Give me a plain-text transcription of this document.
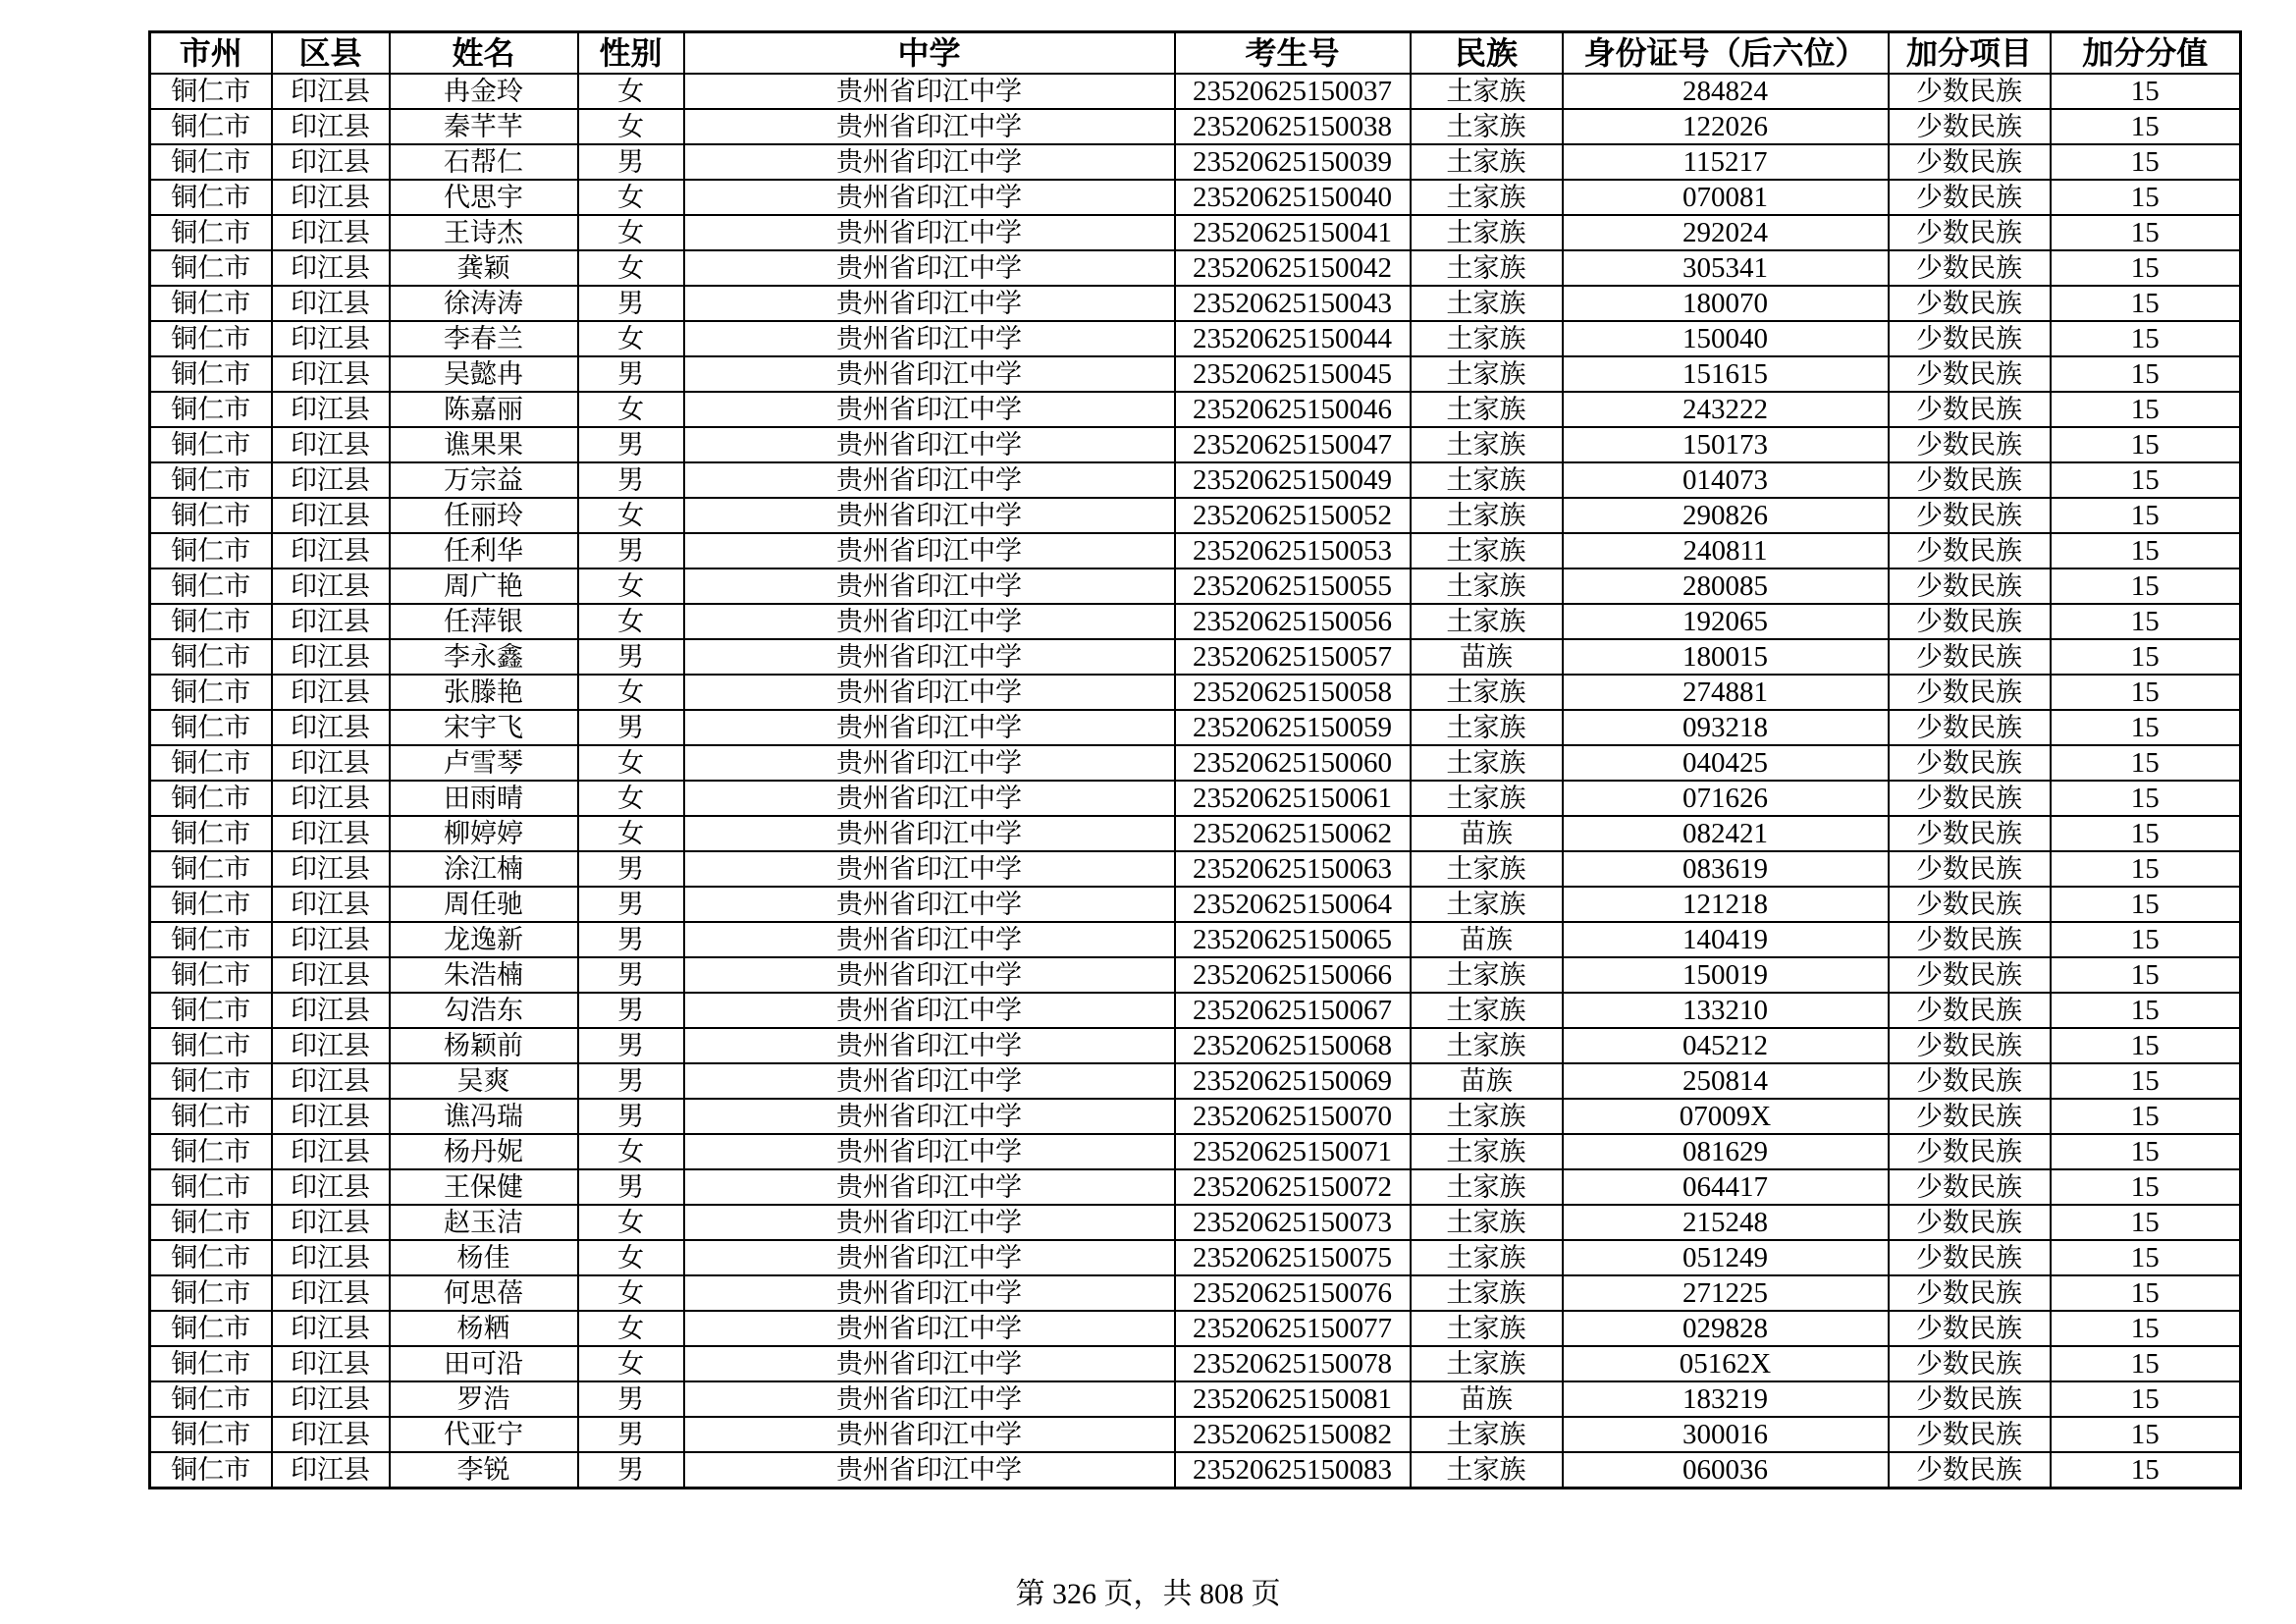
市州	区县	姓名	性别	中学	考生号	民族	身份证号（后六位）	加分项目	加分分值
铜仁市	印江县	冉金玲	女	贵州省印江中学	23520625150037	土家族	284824	少数民族	15
铜仁市	印江县	秦芊芊	女	贵州省印江中学	23520625150038	土家族	122026	少数民族	15
铜仁市	印江县	石帮仁	男	贵州省印江中学	23520625150039	土家族	115217	少数民族	15
铜仁市	印江县	代思宇	女	贵州省印江中学	23520625150040	土家族	070081	少数民族	15
铜仁市	印江县	王诗杰	女	贵州省印江中学	23520625150041	土家族	292024	少数民族	15
铜仁市	印江县	龚颖	女	贵州省印江中学	23520625150042	土家族	305341	少数民族	15
铜仁市	印江县	徐涛涛	男	贵州省印江中学	23520625150043	土家族	180070	少数民族	15
铜仁市	印江县	李春兰	女	贵州省印江中学	23520625150044	土家族	150040	少数民族	15
铜仁市	印江县	吴懿冉	男	贵州省印江中学	23520625150045	土家族	151615	少数民族	15
铜仁市	印江县	陈嘉丽	女	贵州省印江中学	23520625150046	土家族	243222	少数民族	15
铜仁市	印江县	谯果果	男	贵州省印江中学	23520625150047	土家族	150173	少数民族	15
铜仁市	印江县	万宗益	男	贵州省印江中学	23520625150049	土家族	014073	少数民族	15
铜仁市	印江县	任丽玲	女	贵州省印江中学	23520625150052	土家族	290826	少数民族	15
铜仁市	印江县	任利华	男	贵州省印江中学	23520625150053	土家族	240811	少数民族	15
铜仁市	印江县	周广艳	女	贵州省印江中学	23520625150055	土家族	280085	少数民族	15
铜仁市	印江县	任萍银	女	贵州省印江中学	23520625150056	土家族	192065	少数民族	15
铜仁市	印江县	李永鑫	男	贵州省印江中学	23520625150057	苗族	180015	少数民族	15
铜仁市	印江县	张滕艳	女	贵州省印江中学	23520625150058	土家族	274881	少数民族	15
铜仁市	印江县	宋宇飞	男	贵州省印江中学	23520625150059	土家族	093218	少数民族	15
铜仁市	印江县	卢雪琴	女	贵州省印江中学	23520625150060	土家族	040425	少数民族	15
铜仁市	印江县	田雨晴	女	贵州省印江中学	23520625150061	土家族	071626	少数民族	15
铜仁市	印江县	柳婷婷	女	贵州省印江中学	23520625150062	苗族	082421	少数民族	15
铜仁市	印江县	涂江楠	男	贵州省印江中学	23520625150063	土家族	083619	少数民族	15
铜仁市	印江县	周任驰	男	贵州省印江中学	23520625150064	土家族	121218	少数民族	15
铜仁市	印江县	龙逸新	男	贵州省印江中学	23520625150065	苗族	140419	少数民族	15
铜仁市	印江县	朱浩楠	男	贵州省印江中学	23520625150066	土家族	150019	少数民族	15
铜仁市	印江县	勾浩东	男	贵州省印江中学	23520625150067	土家族	133210	少数民族	15
铜仁市	印江县	杨颖前	男	贵州省印江中学	23520625150068	土家族	045212	少数民族	15
铜仁市	印江县	吴爽	男	贵州省印江中学	23520625150069	苗族	250814	少数民族	15
铜仁市	印江县	谯冯瑞	男	贵州省印江中学	23520625150070	土家族	07009X	少数民族	15
铜仁市	印江县	杨丹妮	女	贵州省印江中学	23520625150071	土家族	081629	少数民族	15
铜仁市	印江县	王保健	男	贵州省印江中学	23520625150072	土家族	064417	少数民族	15
铜仁市	印江县	赵玉洁	女	贵州省印江中学	23520625150073	土家族	215248	少数民族	15
铜仁市	印江县	杨佳	女	贵州省印江中学	23520625150075	土家族	051249	少数民族	15
铜仁市	印江县	何思蓓	女	贵州省印江中学	23520625150076	土家族	271225	少数民族	15
铜仁市	印江县	杨粞	女	贵州省印江中学	23520625150077	土家族	029828	少数民族	15
铜仁市	印江县	田可沿	女	贵州省印江中学	23520625150078	土家族	05162X	少数民族	15
铜仁市	印江县	罗浩	男	贵州省印江中学	23520625150081	苗族	183219	少数民族	15
铜仁市	印江县	代亚宁	男	贵州省印江中学	23520625150082	土家族	300016	少数民族	15
铜仁市	印江县	李锐	男	贵州省印江中学	23520625150083	土家族	060036	少数民族	15
第 326 页，共 808 页
